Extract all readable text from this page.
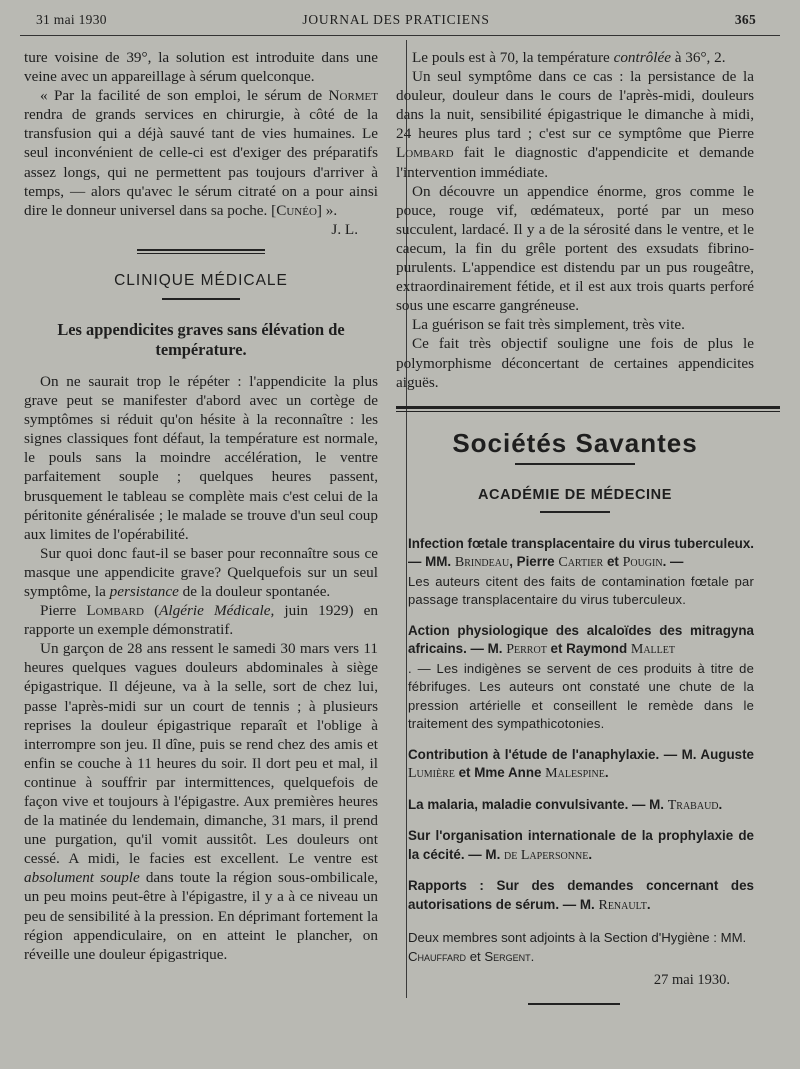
31 mai 1930	JOURNAL DES PRATICIENS	365

ture voisine de 39°, la solution est introduite dans une veine avec un appareillage à sérum quelconque.

« Par la facilité de son emploi, le sérum de Normet rendra de grands services en chirurgie, à côté de la transfusion qui a déjà sauvé tant de vies humaines. Le seul inconvénient de celle-ci est d'exiger des préparatifs assez longs, qui ne permettent pas toujours d'arriver à temps, — alors qu'avec le sérum citraté on a pour ainsi dire le donneur universel dans sa poche. [Cunéo] ».

J. L.
CLINIQUE MÉDICALE
Les appendicites graves sans élévation de température.

On ne saurait trop le répéter : l'appendicite la plus grave peut se manifester d'abord avec un cortège de symptômes si réduit qu'on hésite à la reconnaître : les signes classiques font défaut, la température est normale, le pouls sans la moindre accélération, le ventre parfaitement souple ; quelques heures passent, brusquement le tableau se complète mais c'est celui de la péritonite généralisée ; le malade se trouve d'un seul coup aux limites de l'opérabilité.

Sur quoi donc faut-il se baser pour reconnaître sous ce masque une appendicite grave? Quelquefois sur un seul symptôme, la persistance de la douleur spontanée.

Pierre Lombard (Algérie Médicale, juin 1929) en rapporte un exemple démonstratif.

Un garçon de 28 ans ressent le samedi 30 mars vers 11 heures quelques vagues douleurs abdominales à siège épigastrique. Il déjeune, va à la selle, sort de chez lui, passe l'après-midi sur un court de tennis ; à plusieurs reprises la douleur épigastrique reparaît et l'oblige à interrompre son jeu. Il dîne, puis se rend chez des amis et enfin se couche à 11 heures du soir. Il dort peu et mal, il continue à souffrir par intermittences, quelquefois de façon vive et toujours à l'épigastre. Aux premières heures de la matinée du lendemain, dimanche, 31 mars, il prend une purgation, qu'il vomit aussitôt. Les douleurs ont cessé. A midi, le facies est excellent. Le ventre est absolument souple dans toute la région sous-ombilicale, un peu moins peut-être à l'épigastre, il y a à ce niveau un peu de sensibilité à la pression. En déprimant fortement la région appendiculaire, on en atteint le plancher, on réveille une douleur épigastrique.

Le pouls est à 70, la température contrôlée à 36°, 2.

Un seul symptôme dans ce cas : la persistance de la douleur, douleur dans le cours de l'après-midi, douleurs dans la nuit, sensibilité épigastrique le dimanche à midi, 24 heures plus tard ; c'est sur ce symptôme que Pierre Lombard fait le diagnostic d'appendicite et demande l'intervention immédiate.

On découvre un appendice énorme, gros comme le pouce, rouge vif, œdémateux, porté par un meso succulent, lardacé. Il y a de la sérosité dans le ventre, et le caecum, la fin du grêle portent des exsudats fibrino-purulents. L'appendice est distendu par un pus rougeâtre, extraordinairement fétide, et il est aux trois quarts perforé sous une escarre gangréneuse.

La guérison se fait très simplement, très vite.

Ce fait très objectif souligne une fois de plus le polymorphisme déconcertant de certaines appendicites aiguës.

Sociétés Savantes
ACADÉMIE DE MÉDECINE
Infection fœtale transplacentaire du virus tuberculeux. — MM. Brindeau, Pierre Cartier et Pougin. —
Les auteurs citent des faits de contamination fœtale par passage transplacentaire du virus tuberculeux.
Action physiologique des alcaloïdes des mitragyna africains. — M. Perrot et Raymond Mallet
. — Les indigènes se servent de ces produits à titre de fébrifuges. Les auteurs ont constaté une chute de la pression artérielle et conseillent le remède dans le traitement des sympathicotonies.
Contribution à l'étude de l'anaphylaxie. — M. Auguste Lumière et Mme Anne Malespine.
La malaria, maladie convulsivante. — M. Trabaud.
Sur l'organisation internationale de la prophylaxie de la cécité. — M. de Lapersonne.
Rapports : Sur des demandes concernant des autorisations de sérum. — M. Renault.
Deux membres sont adjoints à la Section d'Hygiène : MM. Chauffard et Sergent.
27 mai 1930.
